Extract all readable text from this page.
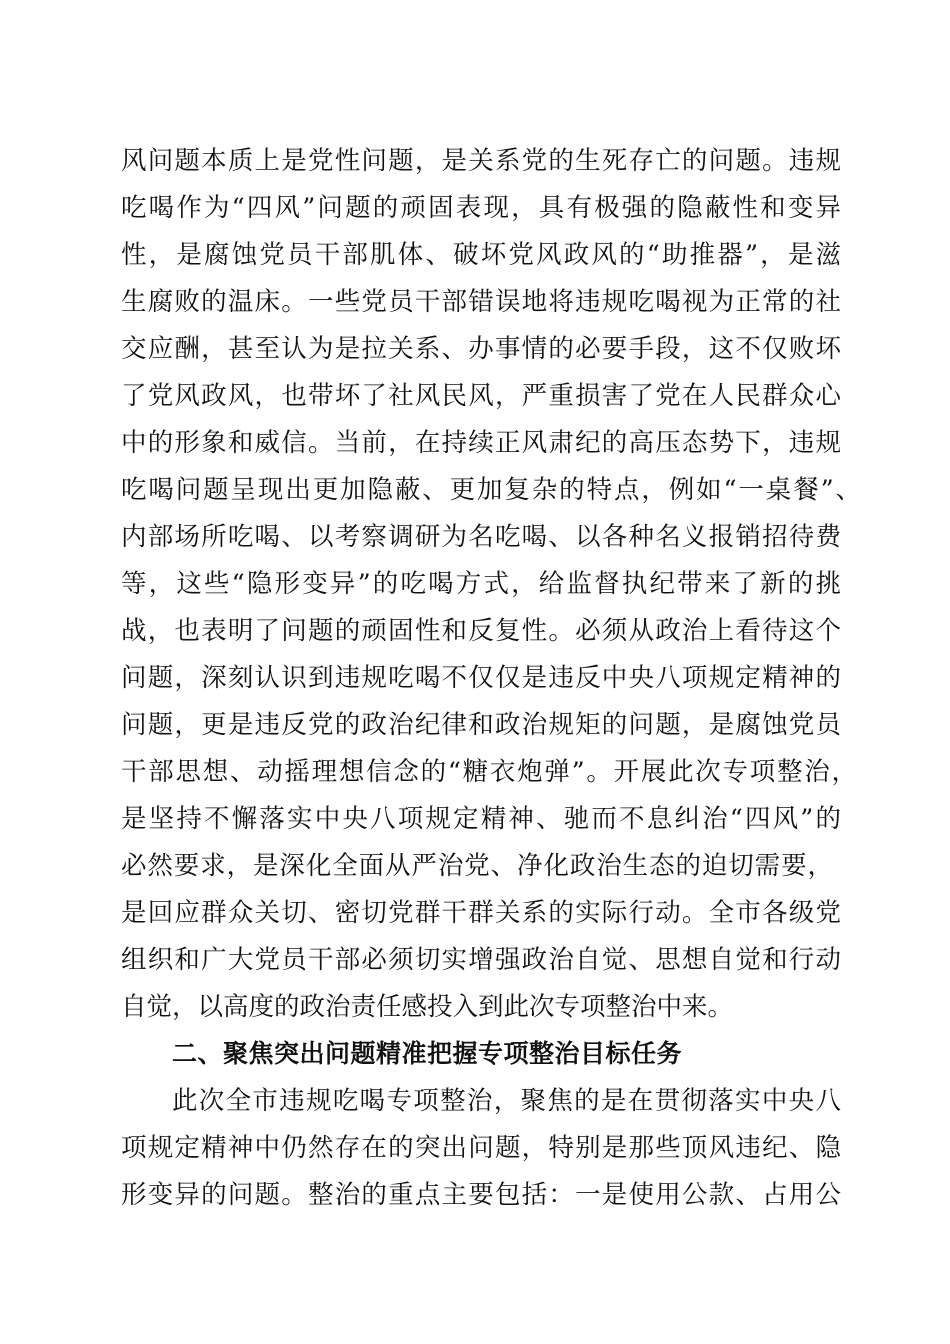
风问题本质上是党性问题，是关系党的生死存亡的问题。违规
吃喝作为“四风”问题的顽固表现，具有极强的隐蔽性和变异
性，是腐蚀党员干部肌体、破坏党风政风的“助推器”，是滋
生腐败的温床。一些党员干部错误地将违规吃喝视为正常的社
交应酬，甚至认为是拉关系、办事情的必要手段，这不仅败坏
了党风政风，也带坏了社风民风，严重损害了党在人民群众心
中的形象和威信。当前，在持续正风肃纪的高压态势下，违规
吃喝问题呈现出更加隐蔽、更加复杂的特点，例如“一桌餐”、
内部场所吃喝、以考察调研为名吃喝、以各种名义报销招待费
等，这些“隐形变异”的吃喝方式，给监督执纪带来了新的挑
战，也表明了问题的顽固性和反复性。必须从政治上看待这个
问题，深刻认识到违规吃喝不仅仅是违反中央八项规定精神的
问题，更是违反党的政治纪律和政治规矩的问题，是腐蚀党员
干部思想、动摇理想信念的“糖衣炮弹”。开展此次专项整治，
是坚持不懈落实中央八项规定精神、驰而不息纠治“四风”的
必然要求，是深化全面从严治党、净化政治生态的迫切需要，
是回应群众关切、密切党群干群关系的实际行动。全市各级党
组织和广大党员干部必须切实增强政治自觉、思想自觉和行动
自觉，以高度的政治责任感投入到此次专项整治中来。
二、聚焦突出问题精准把握专项整治目标任务
此次全市违规吃喝专项整治，聚焦的是在贯彻落实中央八
项规定精神中仍然存在的突出问题，特别是那些顶风违纪、隐
形变异的问题。整治的重点主要包括：一是使用公款、占用公
